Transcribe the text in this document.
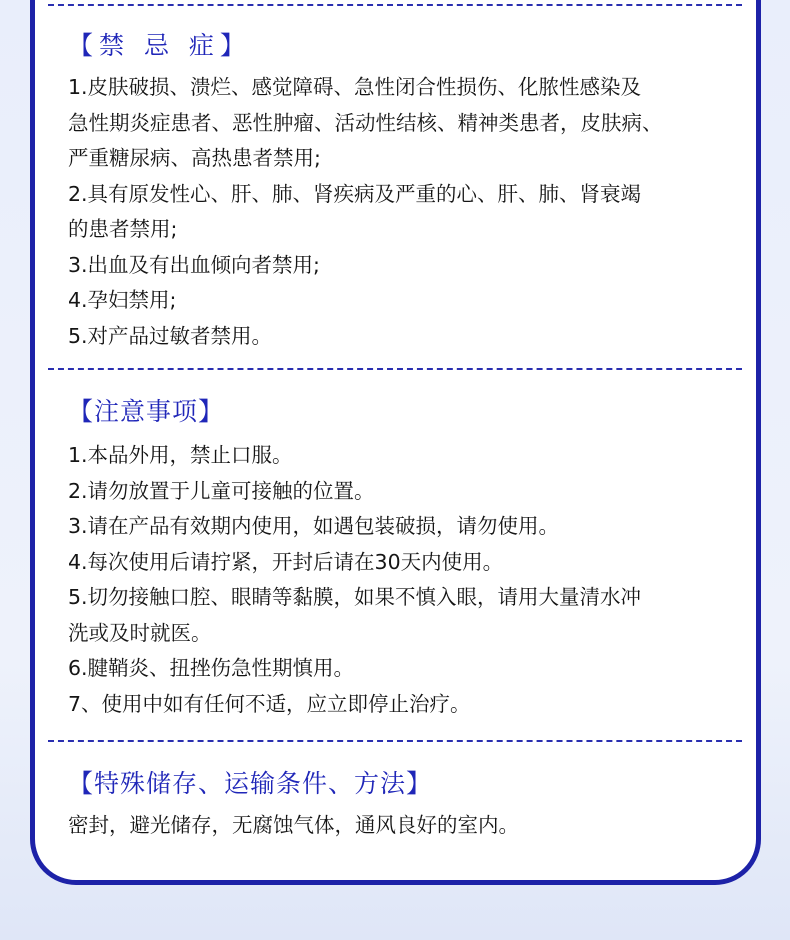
【禁 忌 症】
1.皮肤破损、溃烂、感觉障碍、急性闭合性损伤、化脓性感染及
急性期炎症患者、恶性肿瘤、活动性结核、精神类患者，皮肤病、
严重糖尿病、高热患者禁用;
2.具有原发性心、肝、肺、肾疾病及严重的心、肝、肺、肾衰竭
的患者禁用;
3.出血及有出血倾向者禁用;
4.孕妇禁用;
5.对产品过敏者禁用。
【注意事项】
1.本品外用，禁止口服。
2.请勿放置于儿童可接触的位置。
3.请在产品有效期内使用，如遇包装破损，请勿使用。
4.每次使用后请拧紧，开封后请在30天内使用。
5.切勿接触口腔、眼睛等黏膜，如果不慎入眼，请用大量清水冲
洗或及时就医。
6.腱鞘炎、扭挫伤急性期慎用。
7、使用中如有任何不适，应立即停止治疗。
【特殊储存、运输条件、方法】
密封，避光储存，无腐蚀气体，通风良好的室内。
